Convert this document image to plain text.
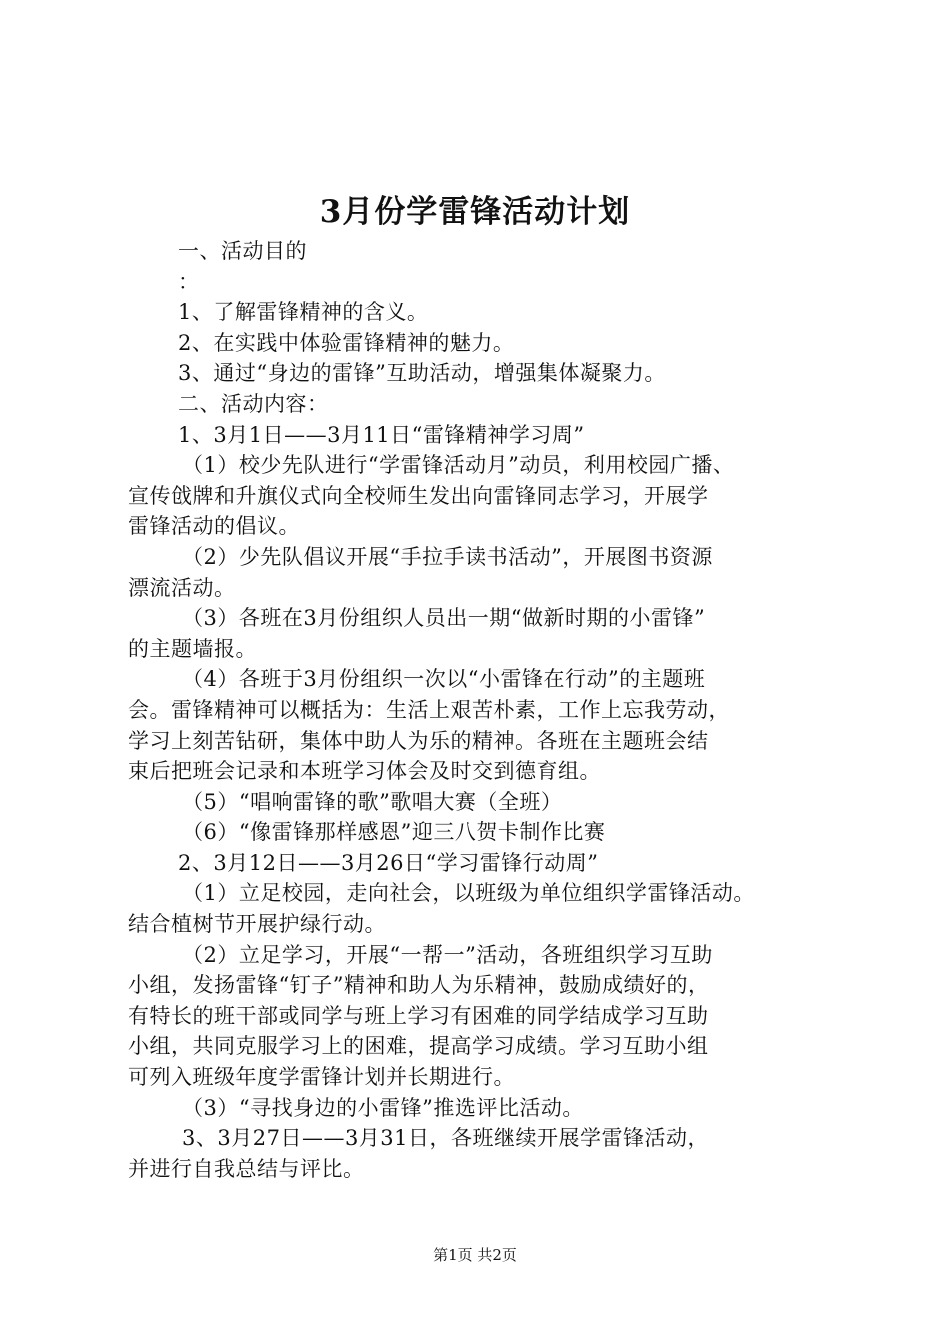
3月份学雷锋活动计划
一、活动目的
：
1、了解雷锋精神的含义。
2、在实践中体验雷锋精神的魅力。
3、通过“身边的雷锋”互助活动，增强集体凝聚力。
二、活动内容：
1、3月1日——3月11日“雷锋精神学习周”
（1）校少先队进行“学雷锋活动月”动员，利用校园广播、
宣传戗牌和升旗仪式向全校师生发出向雷锋同志学习，开展学
雷锋活动的倡议。
（2）少先队倡议开展“手拉手读书活动”，开展图书资源
漂流活动。
（3）各班在3月份组织人员出一期“做新时期的小雷锋”
的主题墙报。
（4）各班于3月份组织一次以“小雷锋在行动”的主题班
会。雷锋精神可以概括为：生活上艰苦朴素，工作上忘我劳动，
学习上刻苦钻研，集体中助人为乐的精神。各班在主题班会结
束后把班会记录和本班学习体会及时交到德育组。
（5）“唱响雷锋的歌”歌唱大赛（全班）
（6）“像雷锋那样感恩”迎三八贺卡制作比赛
2、3月12日——3月26日“学习雷锋行动周”
（1）立足校园，走向社会，以班级为单位组织学雷锋活动。
结合植树节开展护绿行动。
（2）立足学习，开展“一帮一”活动，各班组织学习互助
小组，发扬雷锋“钉子”精神和助人为乐精神，鼓励成绩好的，
有特长的班干部或同学与班上学习有困难的同学结成学习互助
小组，共同克服学习上的困难，提高学习成绩。学习互助小组
可列入班级年度学雷锋计划并长期进行。
（3）“寻找身边的小雷锋”推选评比活动。
3、3月27日——3月31日，各班继续开展学雷锋活动，
并进行自我总结与评比。
第1页 共2页
